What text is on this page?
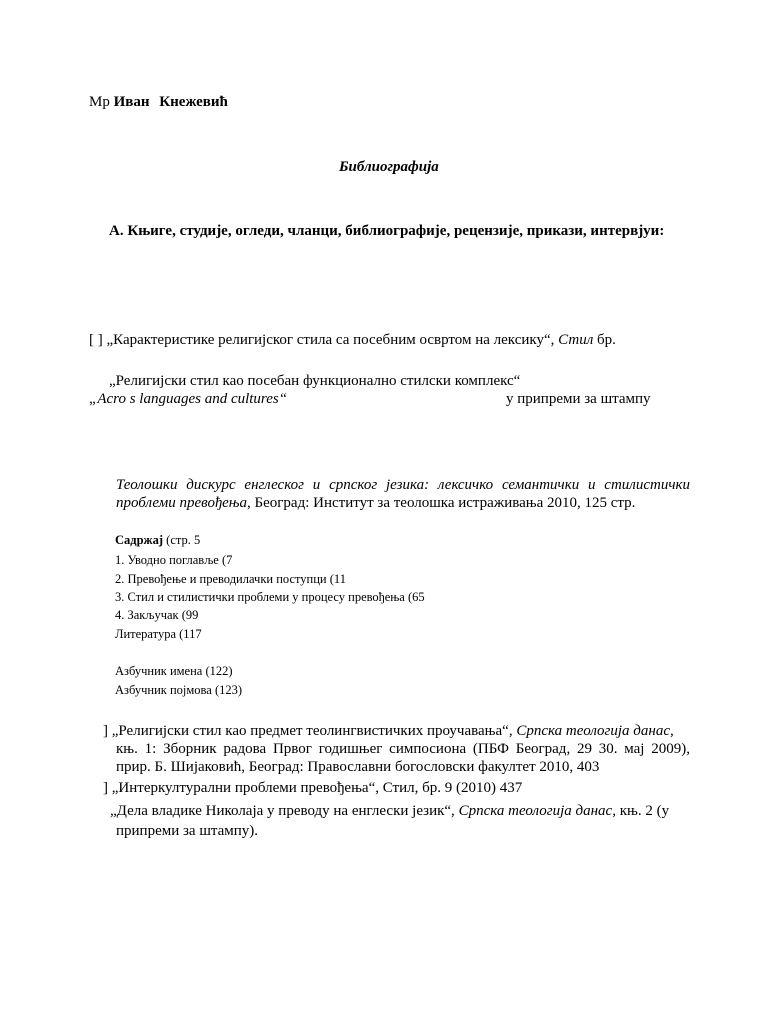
Мр Иван Кнежевић
Библиографија
А. Књиге, студије, огледи, чланци, библиографије, рецензије, прикази, интервјуи:
[ ] „Карактеристике религијског стила са посебним освртом на лексику“, Стил бр.
„Религијски стил као посебан функционално стилски комплекс“
„Acro s languages and cultures“	у припреми за штампу
Теолошки дискурс енглеског и српског језика: лексичко семантички и стилистички
проблеми превођења, Београд: Институт за теолошка истраживања 2010, 125 стр.
Садржај (стр. 5
1. Уводно поглавље (7
2. Превођење и преводилачки поступци (11
3. Стил и стилистички проблеми у процесу превођења (65
4. Закључак (99
Литература (117
Азбучник имена (122)
Азбучник појмова (123)
] „Религијски стил као предмет теолингвистичких проучавања“, Српска теологија данас,
књ. 1: Зборник радова Првог годишњег симпосиона (ПБФ Београд, 29 30. мај 2009),
прир. Б. Шијаковић, Београд: Православни богословски факултет 2010, 403
] „Интеркултурални проблеми превођења“, Стил, бр. 9 (2010) 437
„Дела владике Николаја у преводу на енглески језик“, Српска теологија данас, књ. 2 (у
припреми за штампу).
